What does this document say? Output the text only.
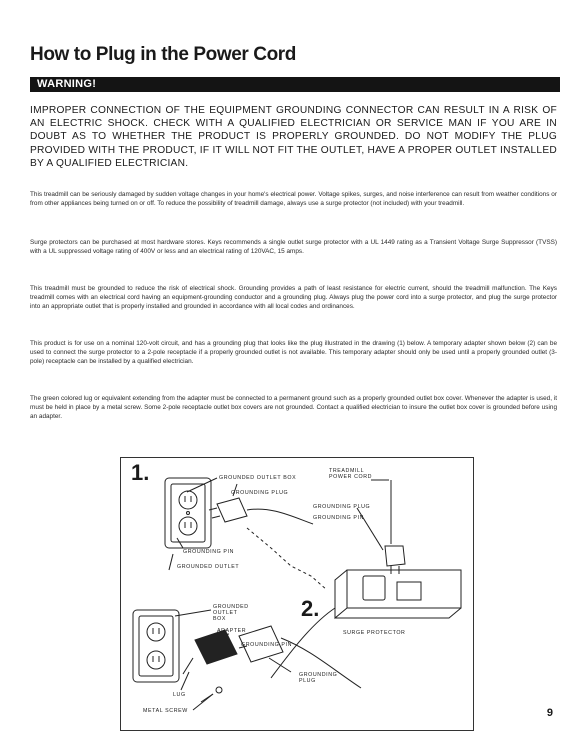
How to Plug in the Power Cord
WARNING!
IMPROPER CONNECTION OF THE EQUIPMENT GROUNDING CONNECTOR CAN RESULT IN A RISK OF AN ELECTRIC SHOCK. CHECK WITH A QUALIFIED ELECTRICIAN OR SERVICE MAN IF YOU ARE IN DOUBT AS TO WHETHER THE PRODUCT IS PROPERLY GROUNDED. DO NOT MODIFY THE PLUG PROVIDED WITH THE PRODUCT, IF IT WILL NOT FIT THE OUTLET, HAVE A PROPER OUTLET INSTALLED BY A QUALIFIED ELECTRICIAN.
This treadmill can be seriously damaged by sudden voltage changes in your home's electrical power. Voltage spikes, surges, and noise interference can result from weather conditions or from other appliances being turned on or off. To reduce the possibility of treadmill damage, always use a surge protector (not included) with your treadmill.
Surge protectors can be purchased at most hardware stores. Keys recommends a single outlet surge protector with a UL 1449 rating as a Transient Voltage Surge Suppressor (TVSS) with a UL suppressed voltage rating of 400V or less and an electrical rating of 120VAC, 15 amps.
This treadmill must be grounded to reduce the risk of electrical shock. Grounding provides a path of least resistance for electric current, should the treadmill malfunction. The Keys treadmill comes with an electrical cord having an equipment-grounding conductor and a grounding plug. Always plug the power cord into a surge protector, and plug the surge protector into an appropriate outlet that is properly installed and grounded in accordance with all local codes and ordinances.
This product is for use on a nominal 120-volt circuit, and has a grounding plug that looks like the plug illustrated in the drawing (1) below. A temporary adapter shown below (2) can be used to connect the surge protector to a 2-pole receptacle if a properly grounded outlet is not available. This temporary adapter should only be used until a properly grounded outlet (3-pole) receptacle can be installed by a qualified electrician.
The green colored lug or equivalent extending from the adapter must be connected to a permanent ground such as a properly grounded outlet box cover. Whenever the adapter is used, it must be held in place by a metal screw. Some 2-pole receptacle outlet box covers are not grounded. Contact a qualified electrician to insure the outlet box cover is grounded before using an adapter.
1.
2.
GROUNDED OUTLET BOX
TREADMILL POWER CORD
GROUNDING PLUG
GROUNDING PLUG
GROUNDING PIN
GROUNDING PIN
GROUNDED OUTLET
GROUNDED OUTLET BOX
ADAPTER
GROUNDING PIN
GROUNDING PLUG
SURGE PROTECTOR
LUG
METAL SCREW	9
